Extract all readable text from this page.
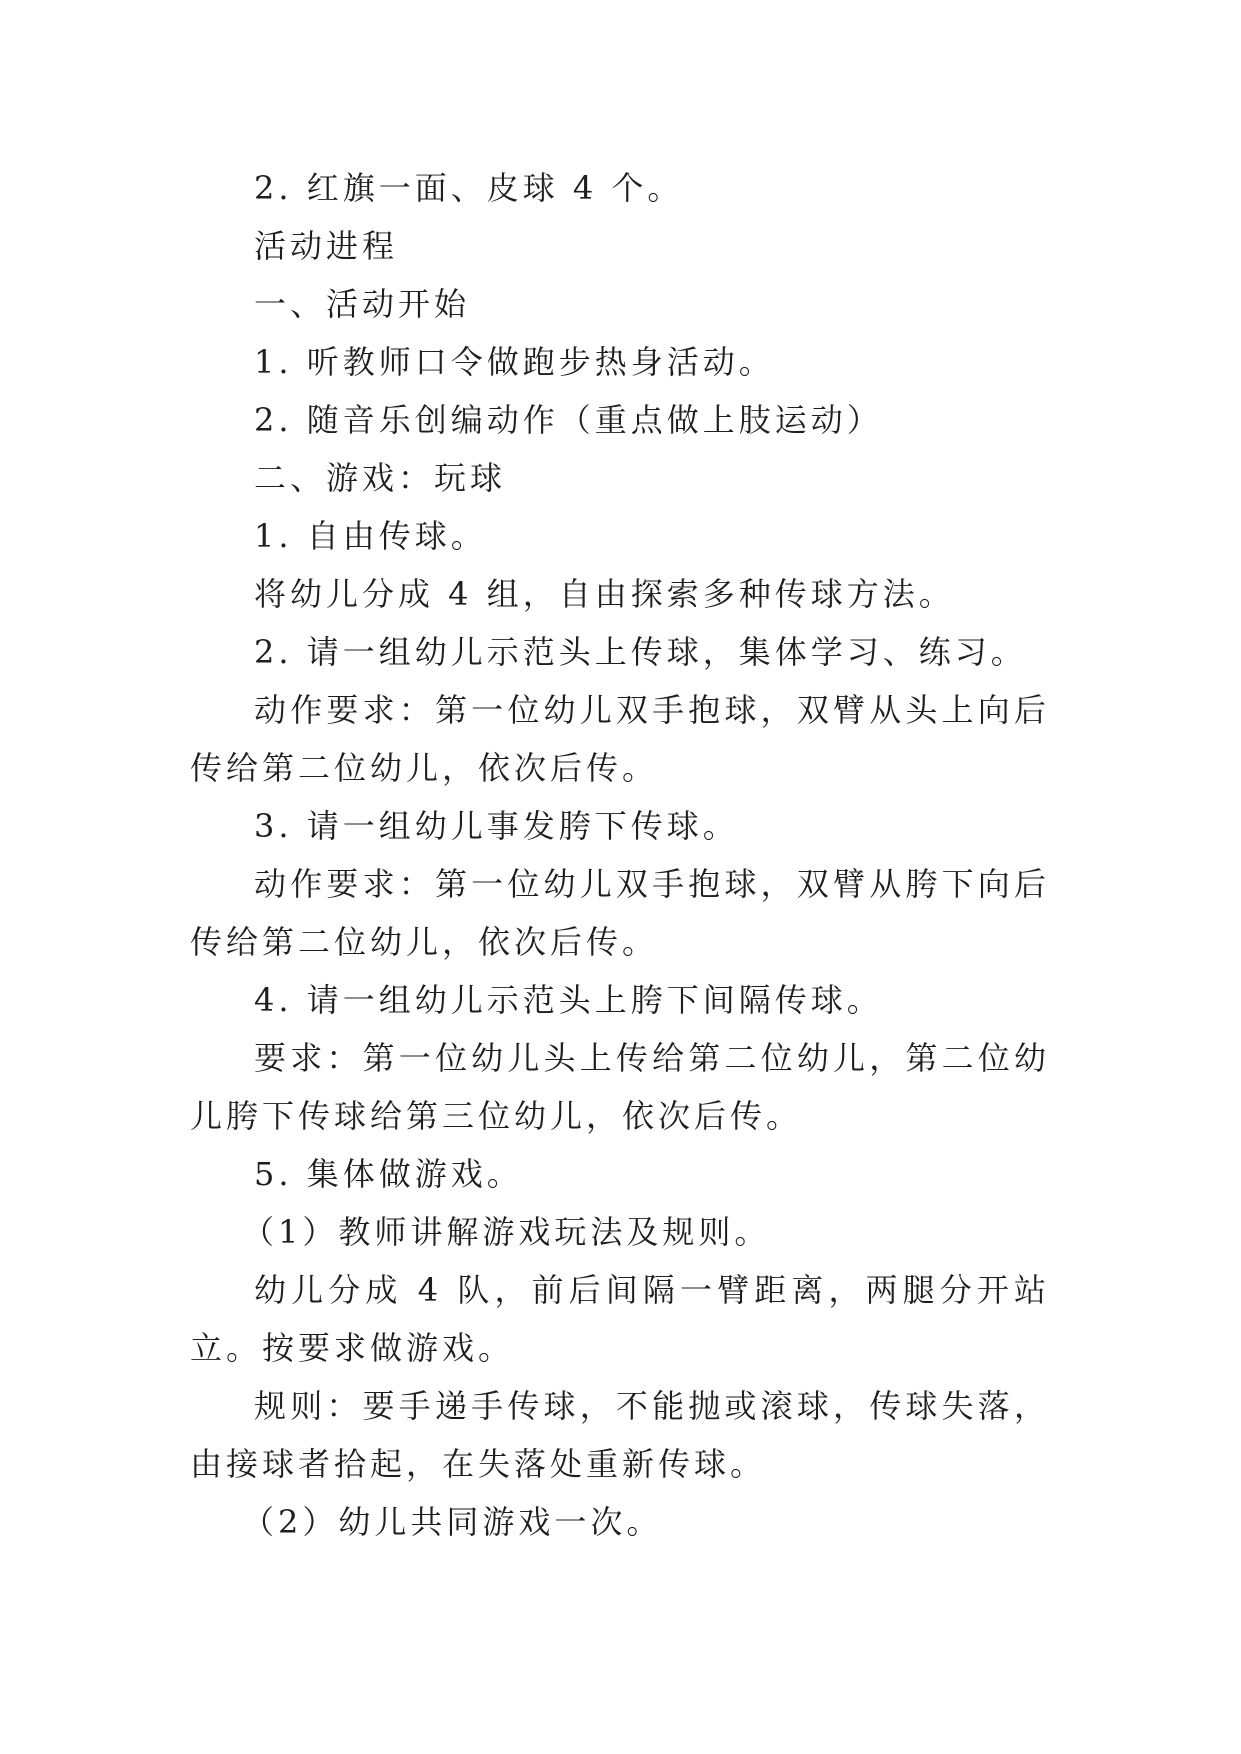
2. 红旗一面、皮球 4 个。

活动进程

一、活动开始

1. 听教师口令做跑步热身活动。

2. 随音乐创编动作（重点做上肢运动）

二、游戏：玩球

1. 自由传球。

将幼儿分成 4 组，自由探索多种传球方法。

2. 请一组幼儿示范头上传球，集体学习、练习。

动作要求：第一位幼儿双手抱球，双臂从头上向后传给第二位幼儿，依次后传。

3. 请一组幼儿事发胯下传球。

动作要求：第一位幼儿双手抱球，双臂从胯下向后传给第二位幼儿，依次后传。

4. 请一组幼儿示范头上胯下间隔传球。

要求：第一位幼儿头上传给第二位幼儿，第二位幼儿胯下传球给第三位幼儿，依次后传。

5. 集体做游戏。

（1）教师讲解游戏玩法及规则。

幼儿分成 4 队，前后间隔一臂距离，两腿分开站立。按要求做游戏。

规则：要手递手传球，不能抛或滚球，传球失落，由接球者拾起，在失落处重新传球。

（2）幼儿共同游戏一次。
